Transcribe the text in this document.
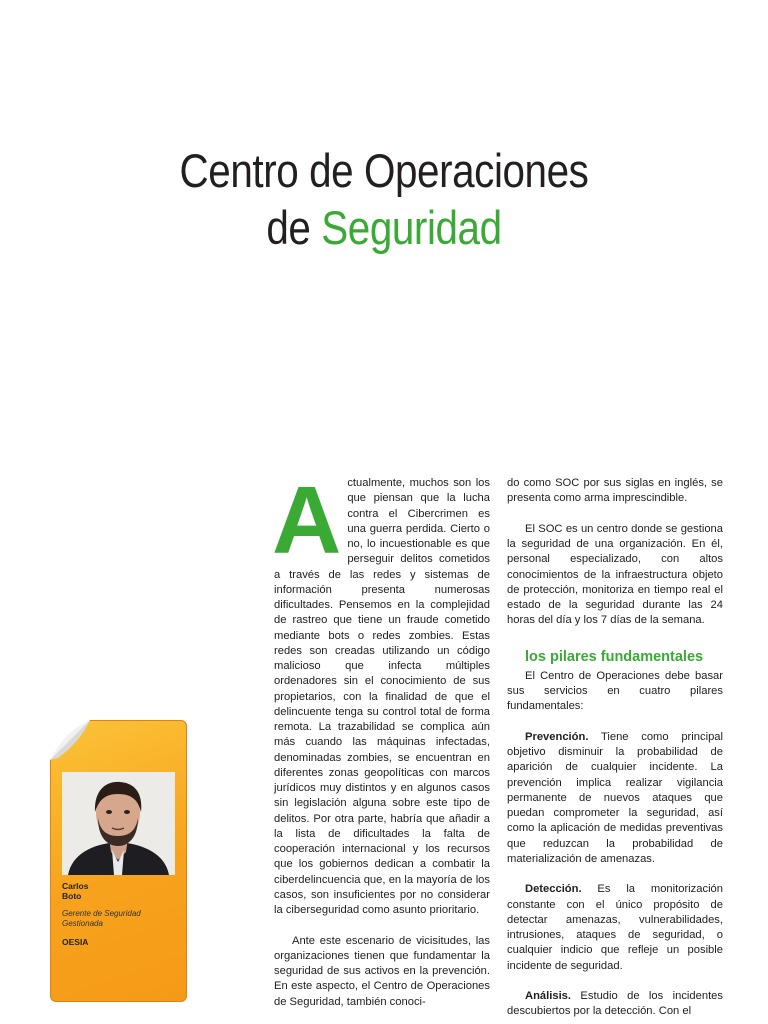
Centro de Operaciones
de Seguridad

Actualmente, muchos son los que piensan que la lucha contra el Cibercrimen es una guerra perdida. Cierto o no, lo incuestionable es que perseguir delitos cometidos a través de las redes y sistemas de información presenta numerosas dificultades. Pensemos en la complejidad de rastreo que tiene un fraude cometido mediante bots o redes zombies. Estas redes son creadas utilizando un código malicioso que infecta múltiples ordenadores sin el conocimiento de sus propietarios, con la finalidad de que el delincuente tenga su control total de forma remota. La trazabilidad se complica aún más cuando las máquinas infectadas, denominadas zombies, se encuentran en diferentes zonas geopolíticas con marcos jurídicos muy distintos y en algunos casos sin legislación alguna sobre este tipo de delitos. Por otra parte, habría que añadir a la lista de dificultades la falta de cooperación internacional y los recursos que los gobiernos dedican a combatir la ciberdelincuencia que, en la mayoría de los casos, son insuficientes por no considerar la ciberseguridad como asunto prioritario.

Ante este escenario de vicisitudes, las organizaciones tienen que fundamentar la seguridad de sus activos en la prevención. En este aspecto, el Centro de Operaciones de Seguridad, también conoci-

do como SOC por sus siglas en inglés, se presenta como arma imprescindible.

El SOC es un centro donde se gestiona la seguridad de una organización. En él, personal especializado, con altos conocimientos de la infraestructura objeto de protección, monitoriza en tiempo real el estado de la seguridad durante las 24 horas del día y los 7 días de la semana.

los pilares fundamentales

El Centro de Operaciones debe basar sus servicios en cuatro pilares fundamentales:

Prevención. Tiene como principal objetivo disminuir la probabilidad de aparición de cualquier incidente. La prevención implica realizar vigilancia permanente de nuevos ataques que puedan comprometer la seguridad, así como la aplicación de medidas preventivas que reduzcan la probabilidad de materialización de amenazas.

Detección. Es la monitorización constante con el único propósito de detectar amenazas, vulnerabilidades, intrusiones, ataques de seguridad, o cualquier indicio que refleje un posible incidente de seguridad.

Análisis. Estudio de los incidentes descubiertos por la detección. Con el

Carlos
Boto
Gerente de Seguridad
Gestionada
OESIA
